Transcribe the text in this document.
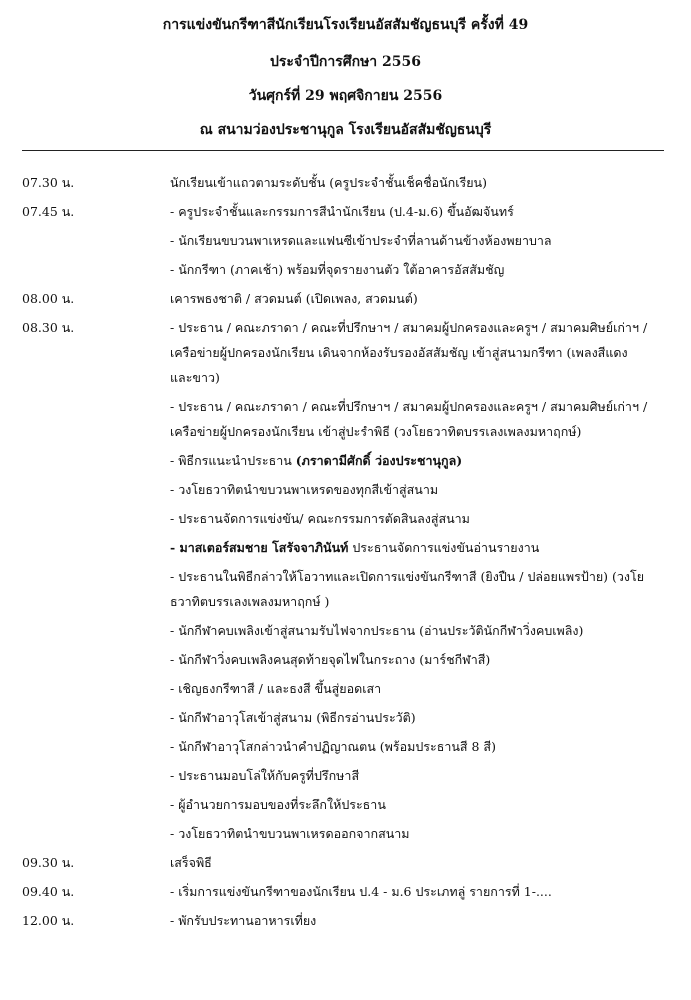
การแข่งขันกรีฑาสีนักเรียนโรงเรียนอัสสัมชัญธนบุรี ครั้งที่ 49
ประจำปีการศึกษา 2556
วันศุกร์ที่ 29 พฤศจิกายน 2556
ณ สนามว่องประชานุกูล โรงเรียนอัสสัมชัญธนบุรี
07.30 น.	นักเรียนเข้าแถวตามระดับชั้น (ครูประจำชั้นเช็คชื่อนักเรียน)
07.45 น.	- ครูประจำชั้นและกรรมการสีนำนักเรียน (ป.4-ม.6) ขึ้นอัฒจันทร์
- นักเรียนขบวนพาเหรดและแฟนซีเข้าประจำที่ลานด้านข้างห้องพยาบาล
- นักกรีฑา (ภาคเช้า) พร้อมที่จุดรายงานตัว ใต้อาคารอัสสัมชัญ
08.00 น.	เคารพธงชาติ / สวดมนต์ (เปิดเพลง, สวดมนต์)
08.30 น.	- ประธาน / คณะภราดา / คณะที่ปรึกษาฯ / สมาคมผู้ปกครองและครูฯ / สมาคมศิษย์เก่าฯ / เครือข่ายผู้ปกครองนักเรียน เดินจากห้องรับรองอัสสัมชัญ เข้าสู่สนามกรีฑา (เพลงสีแดงและขาว)
- ประธาน / คณะภราดา / คณะที่ปรึกษาฯ / สมาคมผู้ปกครองและครูฯ / สมาคมศิษย์เก่าฯ / เครือข่ายผู้ปกครองนักเรียน เข้าสู่ปะรำพิธี (วงโยธวาทิตบรรเลงเพลงมหาฤกษ์)
- พิธีกรแนะนำประธาน (ภราดามีศักดิ์ ว่องประชานุกูล)
- วงโยธวาทิตนำขบวนพาเหรดของทุกสีเข้าสู่สนาม
- ประธานจัดการแข่งขัน/ คณะกรรมการตัดสินลงสู่สนาม
- มาสเตอร์สมชาย โสรัจจาภินันท์ ประธานจัดการแข่งขันอ่านรายงาน
- ประธานในพิธีกล่าวให้โอวาทและเปิดการแข่งขันกรีฑาสี (ยิงปืน / ปล่อยแพรป้าย) (วงโยธวาทิตบรรเลงเพลงมหาฤกษ์ )
- นักกีฬาคบเพลิงเข้าสู่สนามรับไฟจากประธาน (อ่านประวัตินักกีฬาวิ่งคบเพลิง)
- นักกีฬาวิ่งคบเพลิงคนสุดท้ายจุดไฟในกระถาง (มาร์ชกีฬาสี)
- เชิญธงกรีฑาสี / และธงสี ขึ้นสู่ยอดเสา
- นักกีฬาอาวุโสเข้าสู่สนาม (พิธีกรอ่านประวัติ)
- นักกีฬาอาวุโสกล่าวนำคำปฏิญาณตน (พร้อมประธานสี 8 สี)
- ประธานมอบโล่ให้กับครูที่ปรึกษาสี
- ผู้อำนวยการมอบของที่ระลึกให้ประธาน
- วงโยธวาทิตนำขบวนพาเหรดออกจากสนาม
09.30 น.	เสร็จพิธี
09.40 น.	- เริ่มการแข่งขันกรีฑาของนักเรียน ป.4 - ม.6 ประเภทลู่ รายการที่ 1-....
12.00 น.	- พักรับประทานอาหารเที่ยง
